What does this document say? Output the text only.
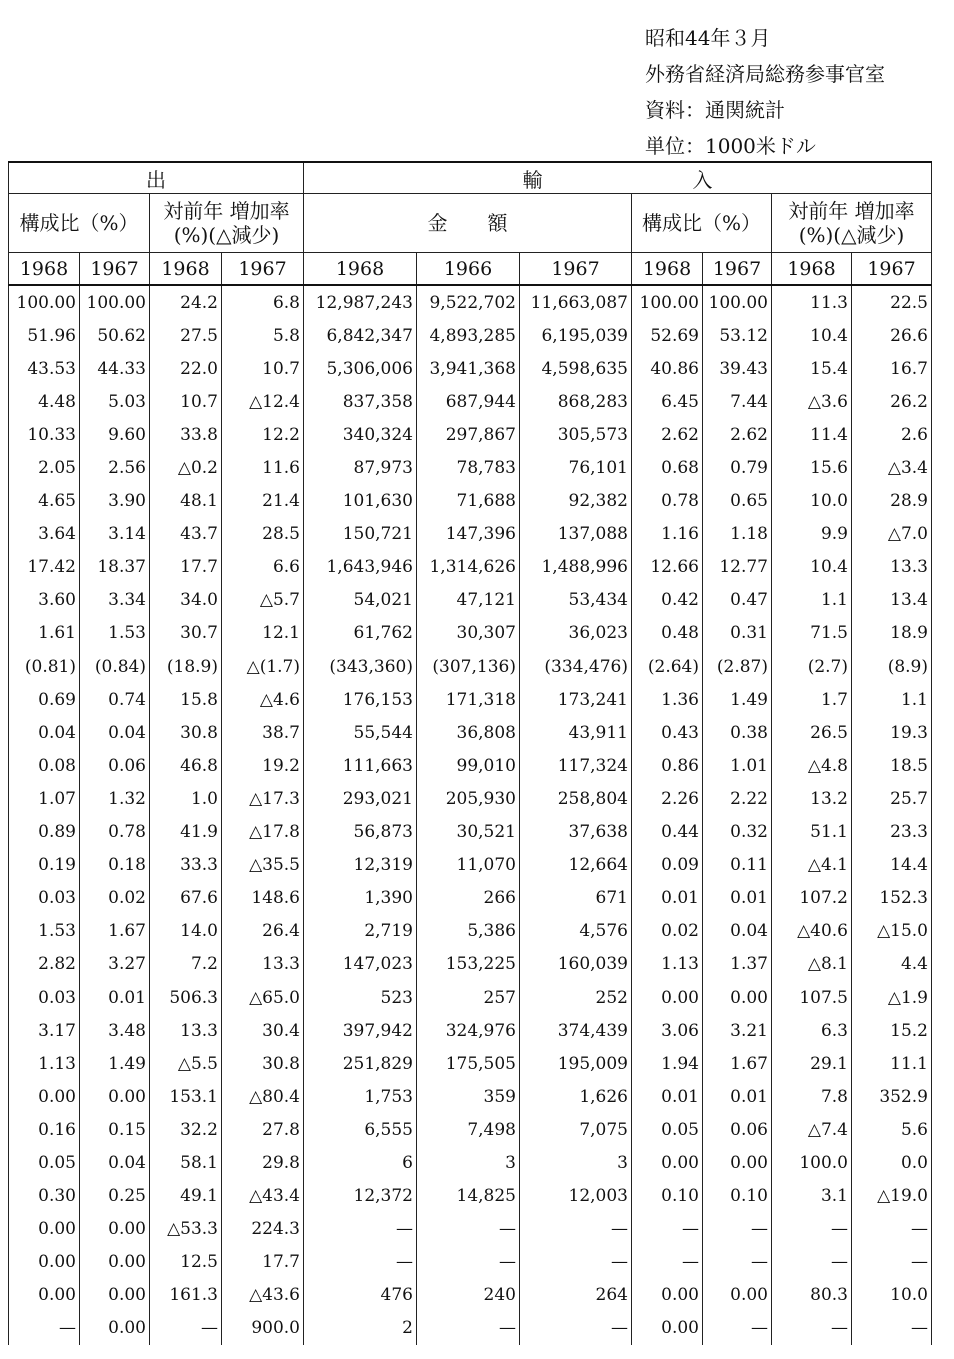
昭和44年３月
外務省経済局総務参事官室
資料：通関統計
単位：1000米ドル
出				輸 入						
構成比（%）		対前年 増加率
(%)(△減少)		金　　額			構成比（%）		対前年 増加率
(%)(△減少)	
1968	1967	1968	1967	1968	1966	1967	1968	1967	1968	1967
100.00	100.00	24.2	6.8	12,987,243	9,522,702	11,663,087	100.00	100.00	11.3	22.5
51.96	50.62	27.5	5.8	6,842,347	4,893,285	6,195,039	52.69	53.12	10.4	26.6
43.53	44.33	22.0	10.7	5,306,006	3,941,368	4,598,635	40.86	39.43	15.4	16.7
4.48	5.03	10.7	△12.4	837,358	687,944	868,283	6.45	7.44	△3.6	26.2
10.33	9.60	33.8	12.2	340,324	297,867	305,573	2.62	2.62	11.4	2.6
2.05	2.56	△0.2	11.6	87,973	78,783	76,101	0.68	0.79	15.6	△3.4
4.65	3.90	48.1	21.4	101,630	71,688	92,382	0.78	0.65	10.0	28.9
3.64	3.14	43.7	28.5	150,721	147,396	137,088	1.16	1.18	9.9	△7.0
17.42	18.37	17.7	6.6	1,643,946	1,314,626	1,488,996	12.66	12.77	10.4	13.3
3.60	3.34	34.0	△5.7	54,021	47,121	53,434	0.42	0.47	1.1	13.4
1.61	1.53	30.7	12.1	61,762	30,307	36,023	0.48	0.31	71.5	18.9
(0.81)	(0.84)	(18.9)	△(1.7)	(343,360)	(307,136)	(334,476)	(2.64)	(2.87)	(2.7)	(8.9)
0.69	0.74	15.8	△4.6	176,153	171,318	173,241	1.36	1.49	1.7	1.1
0.04	0.04	30.8	38.7	55,544	36,808	43,911	0.43	0.38	26.5	19.3
0.08	0.06	46.8	19.2	111,663	99,010	117,324	0.86	1.01	△4.8	18.5
1.07	1.32	1.0	△17.3	293,021	205,930	258,804	2.26	2.22	13.2	25.7
0.89	0.78	41.9	△17.8	56,873	30,521	37,638	0.44	0.32	51.1	23.3
0.19	0.18	33.3	△35.5	12,319	11,070	12,664	0.09	0.11	△4.1	14.4
0.03	0.02	67.6	148.6	1,390	266	671	0.01	0.01	107.2	152.3
1.53	1.67	14.0	26.4	2,719	5,386	4,576	0.02	0.04	△40.6	△15.0
2.82	3.27	7.2	13.3	147,023	153,225	160,039	1.13	1.37	△8.1	4.4
0.03	0.01	506.3	△65.0	523	257	252	0.00	0.00	107.5	△1.9
3.17	3.48	13.3	30.4	397,942	324,976	374,439	3.06	3.21	6.3	15.2
1.13	1.49	△5.5	30.8	251,829	175,505	195,009	1.94	1.67	29.1	11.1
0.00	0.00	153.1	△80.4	1,753	359	1,626	0.01	0.01	7.8	352.9
0.16	0.15	32.2	27.8	6,555	7,498	7,075	0.05	0.06	△7.4	5.6
0.05	0.04	58.1	29.8	6	3	3	0.00	0.00	100.0	0.0
0.30	0.25	49.1	△43.4	12,372	14,825	12,003	0.10	0.10	3.1	△19.0
0.00	0.00	△53.3	224.3	—	—	—	—	—	—	—
0.00	0.00	12.5	17.7	—	—	—	—	—	—	—
0.00	0.00	161.3	△43.6	476	240	264	0.00	0.00	80.3	10.0
—	0.00	—	900.0	2	—	—	0.00	—	—	—
